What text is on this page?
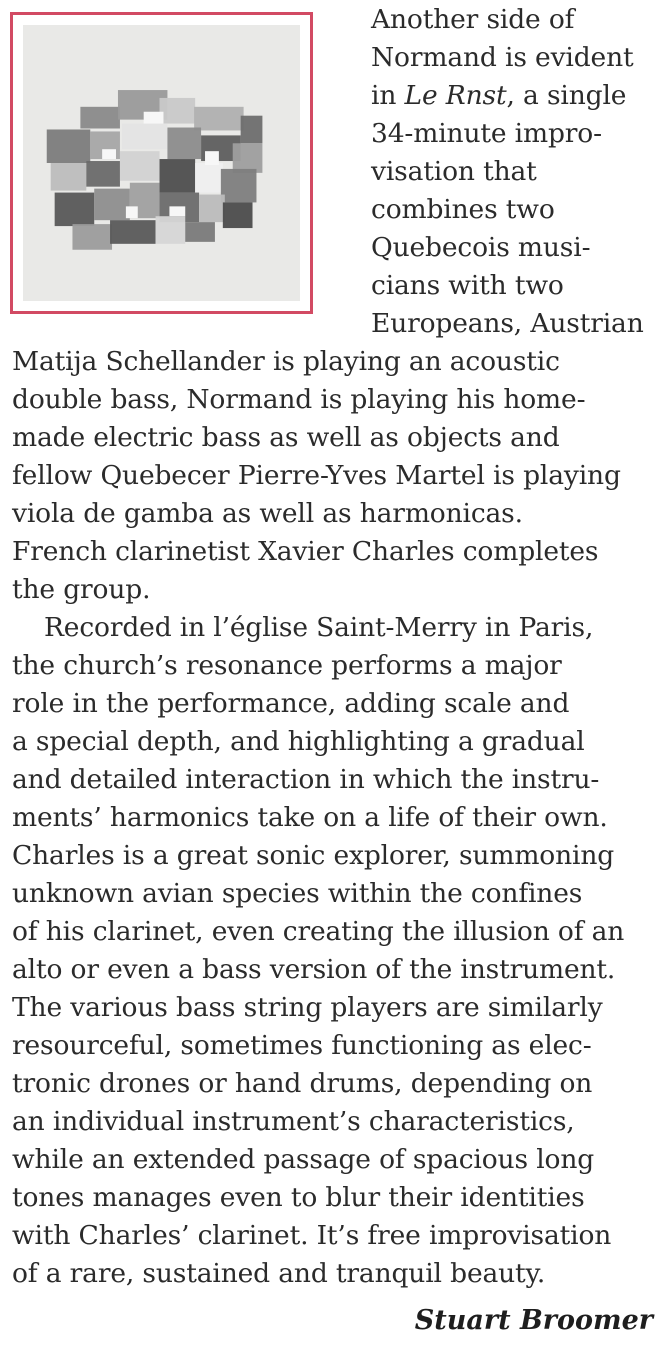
Another side of
Normand is evident
in Le Rnst, a single
34-minute impro-
visation that
combines two
Quebecois musi-
cians with two
Europeans, Austrian
Matija Schellander is playing an acoustic
double bass, Normand is playing his home-
made electric bass as well as objects and
fellow Quebecer Pierre-Yves Martel is playing
viola de gamba as well as harmonicas.
French clarinetist Xavier Charles completes
the group.
Recorded in l’église Saint-Merry in Paris,
the church’s resonance performs a major
role in the performance, adding scale and
a special depth, and highlighting a gradual
and detailed interaction in which the instru-
ments’ harmonics take on a life of their own.
Charles is a great sonic explorer, summoning
unknown avian species within the confines
of his clarinet, even creating the illusion of an
alto or even a bass version of the instrument.
The various bass string players are similarly
resourceful, sometimes functioning as elec-
tronic drones or hand drums, depending on
an individual instrument’s characteristics,
while an extended passage of spacious long
tones manages even to blur their identities
with Charles’ clarinet. It’s free improvisation
of a rare, sustained and tranquil beauty.
Stuart Broomer
